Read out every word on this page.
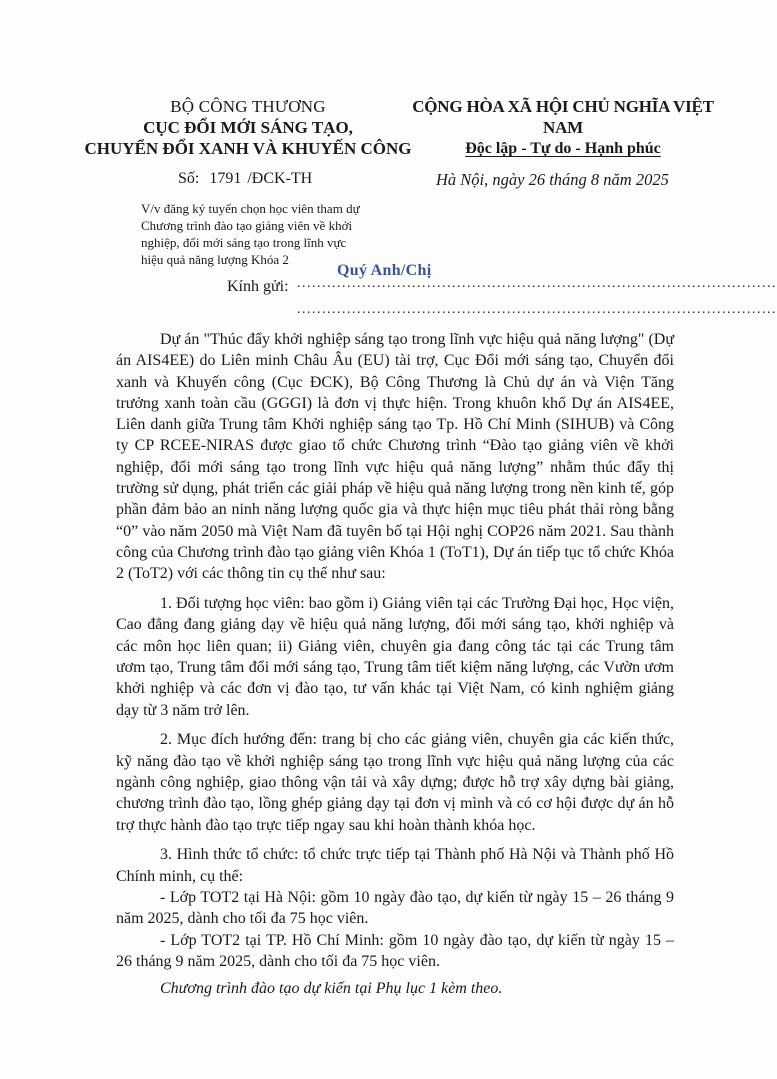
BỘ CÔNG THƯƠNG
CỤC ĐỔI MỚI SÁNG TẠO,
CHUYỂN ĐỔI XANH VÀ KHUYẾN CÔNG
CỘNG HÒA XÃ HỘI CHỦ NGHĨA VIỆT NAM
Độc lập - Tự do - Hạnh phúc
Số: 1791 /ĐCK-TH	Hà Nội, ngày 26 tháng 8 năm 2025
V/v đăng ký tuyển chọn học viên tham dự
Chương trình đào tạo giảng viên về khởi
nghiệp, đổi mới sáng tạo trong lĩnh vực
hiệu quả năng lượng Khóa 2
Quý Anh/Chị
Kính gửi: ................................................................................................
................................................................................................

Dự án "Thúc đẩy khởi nghiệp sáng tạo trong lĩnh vực hiệu quả năng lượng" (Dự án AIS4EE) do Liên minh Châu Âu (EU) tài trợ, Cục Đổi mới sáng tạo, Chuyển đổi xanh và Khuyến công (Cục ĐCK), Bộ Công Thương là Chủ dự án và Viện Tăng trưởng xanh toàn cầu (GGGI) là đơn vị thực hiện. Trong khuôn khổ Dự án AIS4EE, Liên danh giữa Trung tâm Khởi nghiệp sáng tạo Tp. Hồ Chí Minh (SIHUB) và Công ty CP RCEE-NIRAS được giao tổ chức Chương trình “Đào tạo giảng viên về khởi nghiệp, đổi mới sáng tạo trong lĩnh vực hiệu quả năng lượng” nhằm thúc đẩy thị trường sử dụng, phát triển các giải pháp về hiệu quả năng lượng trong nền kinh tế, góp phần đảm bảo an ninh năng lượng quốc gia và thực hiện mục tiêu phát thải ròng bằng “0” vào năm 2050 mà Việt Nam đã tuyên bố tại Hội nghị COP26 năm 2021. Sau thành công của Chương trình đào tạo giảng viên Khóa 1 (ToT1), Dự án tiếp tục tổ chức Khóa 2 (ToT2) với các thông tin cụ thể như sau:

1. Đối tượng học viên: bao gồm i) Giảng viên tại các Trường Đại học, Học viện, Cao đẳng đang giảng dạy về hiệu quả năng lượng, đổi mới sáng tạo, khởi nghiệp và các môn học liên quan; ii) Giảng viên, chuyên gia đang công tác tại các Trung tâm ươm tạo, Trung tâm đổi mới sáng tạo, Trung tâm tiết kiệm năng lượng, các Vườn ươm khởi nghiệp và các đơn vị đào tạo, tư vấn khác tại Việt Nam, có kinh nghiệm giảng dạy từ 3 năm trở lên.

2. Mục đích hướng đến: trang bị cho các giảng viên, chuyên gia các kiến thức, kỹ năng đào tạo về khởi nghiệp sáng tạo trong lĩnh vực hiệu quả năng lượng của các ngành công nghiệp, giao thông vận tải và xây dựng; được hỗ trợ xây dựng bài giảng, chương trình đào tạo, lồng ghép giảng dạy tại đơn vị mình và có cơ hội được dự án hỗ trợ thực hành đào tạo trực tiếp ngay sau khi hoàn thành khóa học.

3. Hình thức tổ chức: tổ chức trực tiếp tại Thành phố Hà Nội và Thành phố Hồ Chính minh, cụ thể:

- Lớp TOT2 tại Hà Nội: gồm 10 ngày đào tạo, dự kiến từ ngày 15 – 26 tháng 9 năm 2025, dành cho tối đa 75 học viên.
- Lớp TOT2 tại TP. Hồ Chí Minh: gồm 10 ngày đào tạo, dự kiến từ ngày 15 – 26 tháng 9 năm 2025, dành cho tối đa 75 học viên.

Chương trình đào tạo dự kiến tại Phụ lục 1 kèm theo.
